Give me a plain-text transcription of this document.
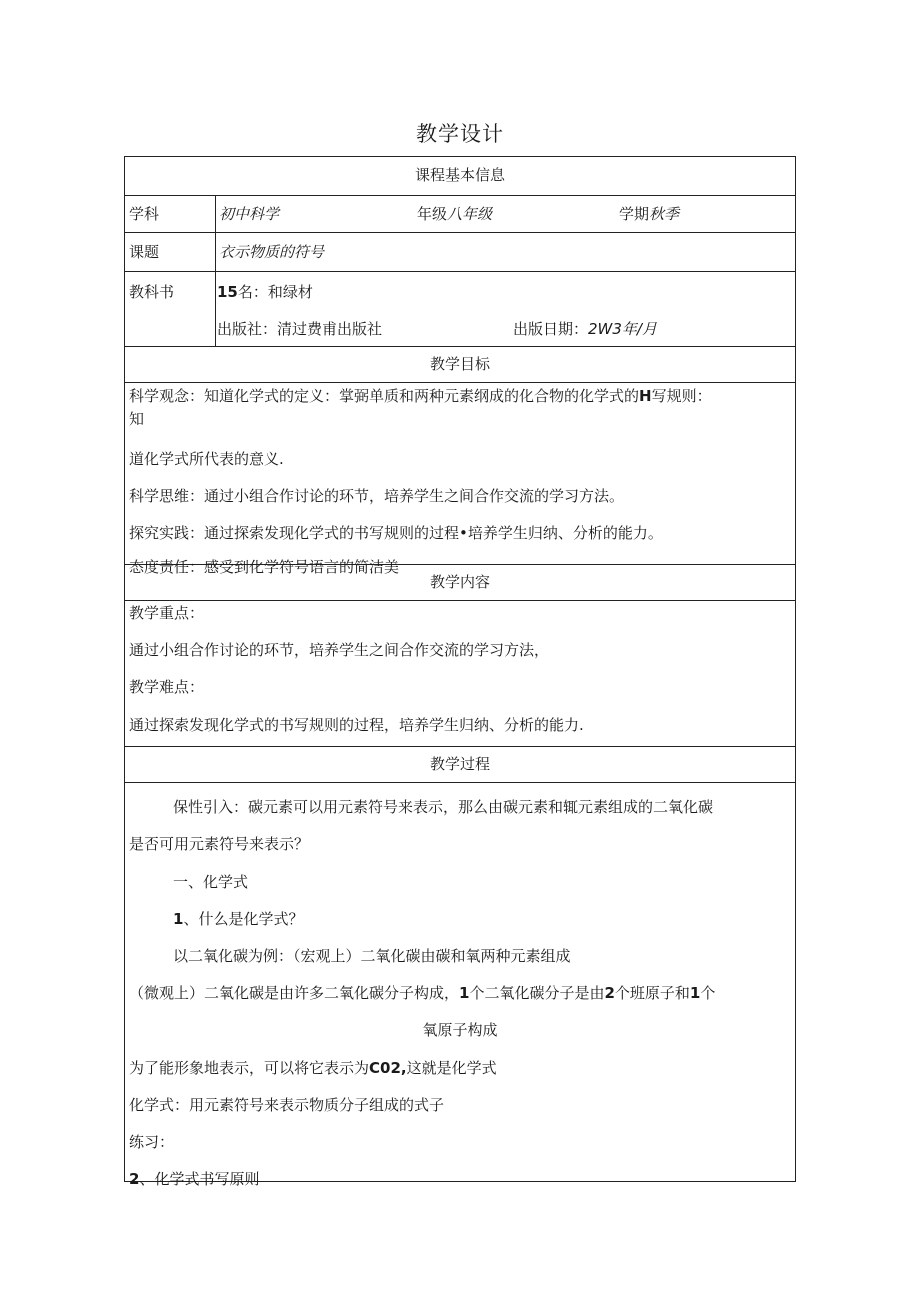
教学设计
课程基本信息
学科	初中科学	年级八年级	学期秋季
课题	衣示物质的符号
教科书	15名：和绿材
出版社：清过费甫出版社	出版日期：2W3年/月
教学目标
科学观念：知道化学式的定义：掌弼单质和两种元素纲成的化合物的化学式的H写规则：
知
道化学式所代表的意义.
科学思维：通过小组合作讨论的环节，培养学生之间合作交流的学习方法。
探究实践：通过探索发现化学式的书写规则的过程•培养学生归纳、分析的能力。
态度责任：感受到化学符号语言的简洁美
教学内容
教学重点：
通过小组合作讨论的环节，培养学生之间合作交流的学习方法，
教学难点：
通过探索发现化学式的书写规则的过程，培养学生归纳、分析的能力.
教学过程
保性引入：碳元素可以用元素符号来表示，那么由碳元素和辄元素组成的二氧化碳
是否可用元素符号来表示？
一、化学式
1、什么是化学式？
以二氧化碳为例：（宏观上）二氧化碳由碳和氧两种元素组成
（微观上）二氧化碳是由许多二氧化碳分子构成，1个二氧化碳分子是由2个班原子和1个
氧原子构成
为了能形象地表示，可以将它表示为C02,这就是化学式
化学式：用元素符号来表示物质分子组成的式子
练习：
2、化学式书写原则
